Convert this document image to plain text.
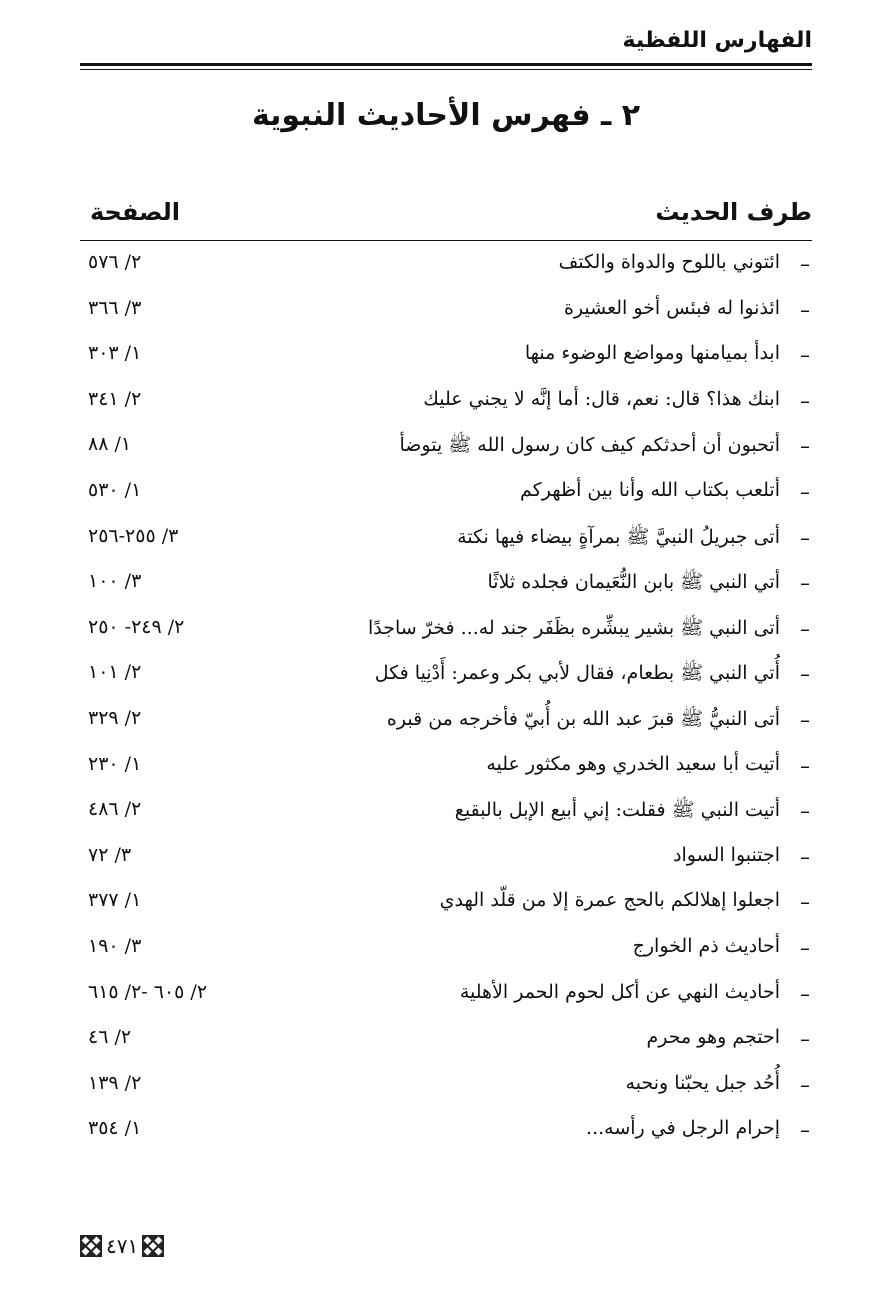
الفهارس اللفظية
٢ ـ فهرس الأحاديث النبوية
طرف الحديث
الصفحة
–
ائتوني باللوح والدواة والكتف
٢/ ٥٧٦
–
ائذنوا له فبئس أخو العشيرة
٣/ ٣٦٦
–
ابدأ بميامنها ومواضع الوضوء منها
١/ ٣٠٣
–
ابنك هذا؟ قال: نعم، قال: أما إنَّه لا يجني عليك
٢/ ٣٤١
–
أتحبون أن أحدثكم كيف كان رسول الله ﷺ يتوضأ
١/ ٨٨
–
أتلعب بكتاب الله وأنا بين أظهركم
١/ ٥٣٠
–
أتى جبريلُ النبيَّ ﷺ بمرآةٍ بيضاء فيها نكتة
٣/ ٢٥٥-٢٥٦
–
أتي النبي ﷺ بابن النُّعَيمان فجلده ثلاثًا
٣/ ١٠٠
–
أتى النبي ﷺ بشير يبشِّره بظَفَر جند له... فخرّ ساجدًا
٢/ ٢٤٩- ٢٥٠
–
أُتي النبي ﷺ بطعام، فقال لأبي بكر وعمر: أَدْنِيا فكل
٢/ ١٠١
–
أتى النبيُّ ﷺ قبرَ عبد الله بن أُبيّ فأخرجه من قبره
٢/ ٣٢٩
–
أتيت أبا سعيد الخدري وهو مكثور عليه
١/ ٢٣٠
–
أتيت النبي ﷺ فقلت: إني أبيع الإبل بالبقيع
٢/ ٤٨٦
–
اجتنبوا السواد
٣/ ٧٢
–
اجعلوا إهلالكم بالحج عمرة إلا من قلّد الهدي
١/ ٣٧٧
–
أحاديث ذم الخوارج
٣/ ١٩٠
–
أحاديث النهي عن أكل لحوم الحمر الأهلية
٢/ ٦٠٥ -٢/ ٦١٥
–
احتجم وهو محرم
٢/ ٤٦
–
أُحُد جبل يحبّنا ونحبه
٢/ ١٣٩
–
إحرام الرجل في رأسه...
١/ ٣٥٤
٤٧١
